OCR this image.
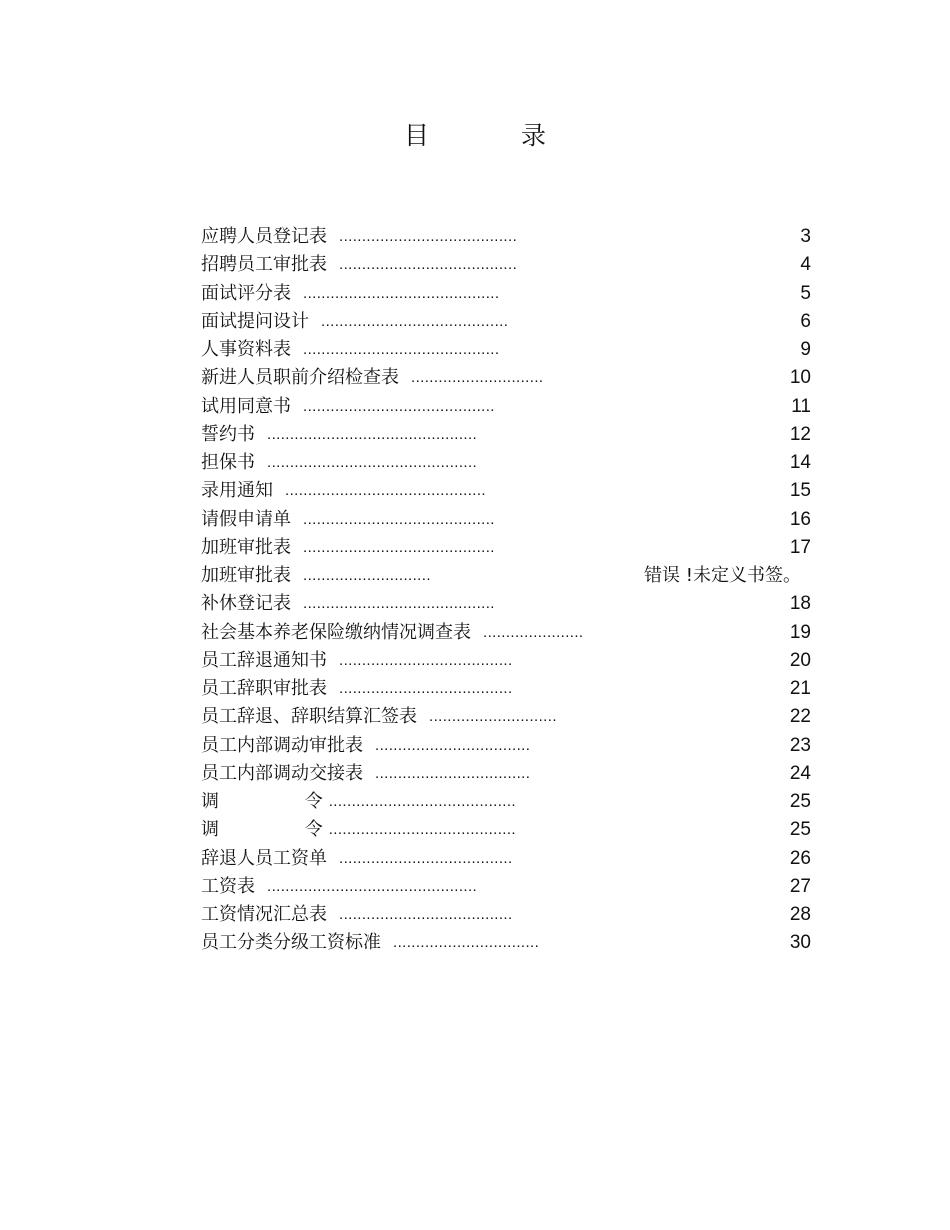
目 录
应聘人员登记表 .......................................	3
招聘员工审批表 .......................................	4
面试评分表 ...........................................	5
面试提问设计 .........................................	6
人事资料表 ...........................................	9
新进人员职前介绍检查表 .............................	10
试用同意书 ..........................................	11
誓约书 ..............................................	12
担保书 ..............................................	14
录用通知 ............................................	15
请假申请单 ..........................................	16
加班审批表 ..........................................	17
加班审批表 ............................	错误 !未定义书签。
补休登记表 ..........................................	18
社会基本养老保险缴纳情况调查表 ......................	19
员工辞退通知书 ......................................	20
员工辞职审批表 ......................................	21
员工辞退、辞职结算汇签表 ............................	22
员工内部调动审批表 ..................................	23
员工内部调动交接表 ..................................	24
调 令 .........................................	25
调 令 .........................................	25
辞退人员工资单 ......................................	26
工资表 ..............................................	27
工资情况汇总表 ......................................	28
员工分类分级工资标准 ................................	30
